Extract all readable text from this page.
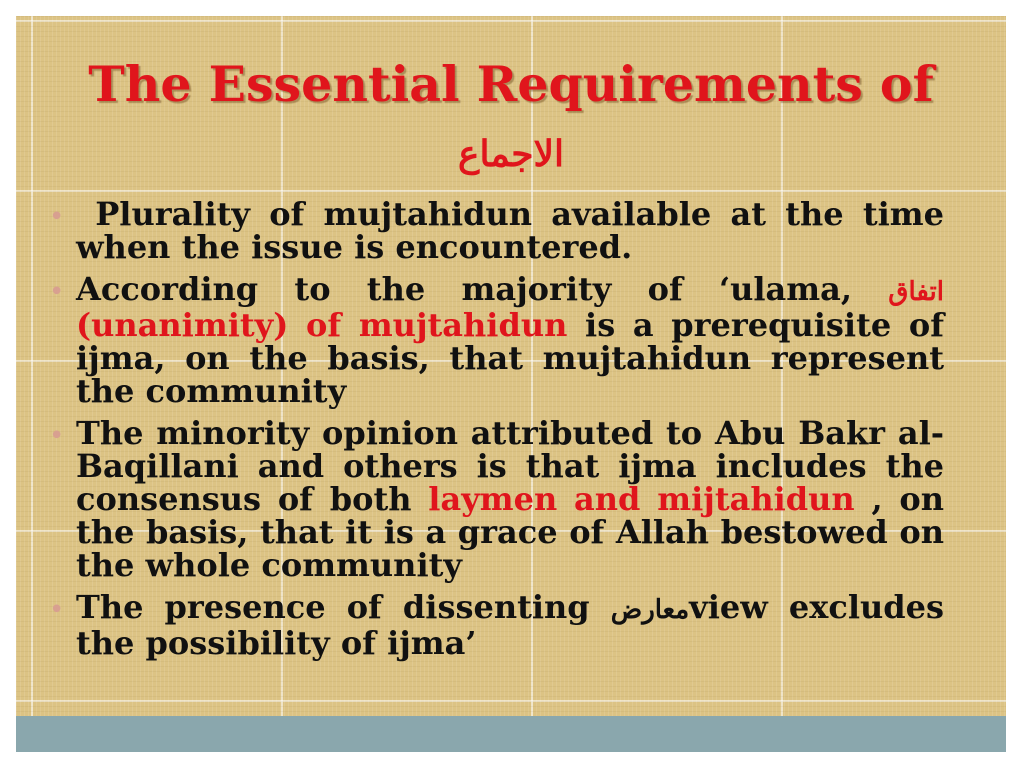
The Essential Requirements of
الاجماع
• Plurality of mujtahidun available at the time when the issue is encountered.
• According to the majority of ‘ulama, اتفاق (unanimity) of mujtahidun is a prerequisite of ijma, on the basis, that mujtahidun represent the community
• The minority opinion attributed to Abu Bakr al-Baqillani and others is that ijma includes the consensus of both laymen and mijtahidun , on the basis, that it is a grace of Allah bestowed on the whole community
• The presence of dissenting معارضview excludes the possibility of ijma’
